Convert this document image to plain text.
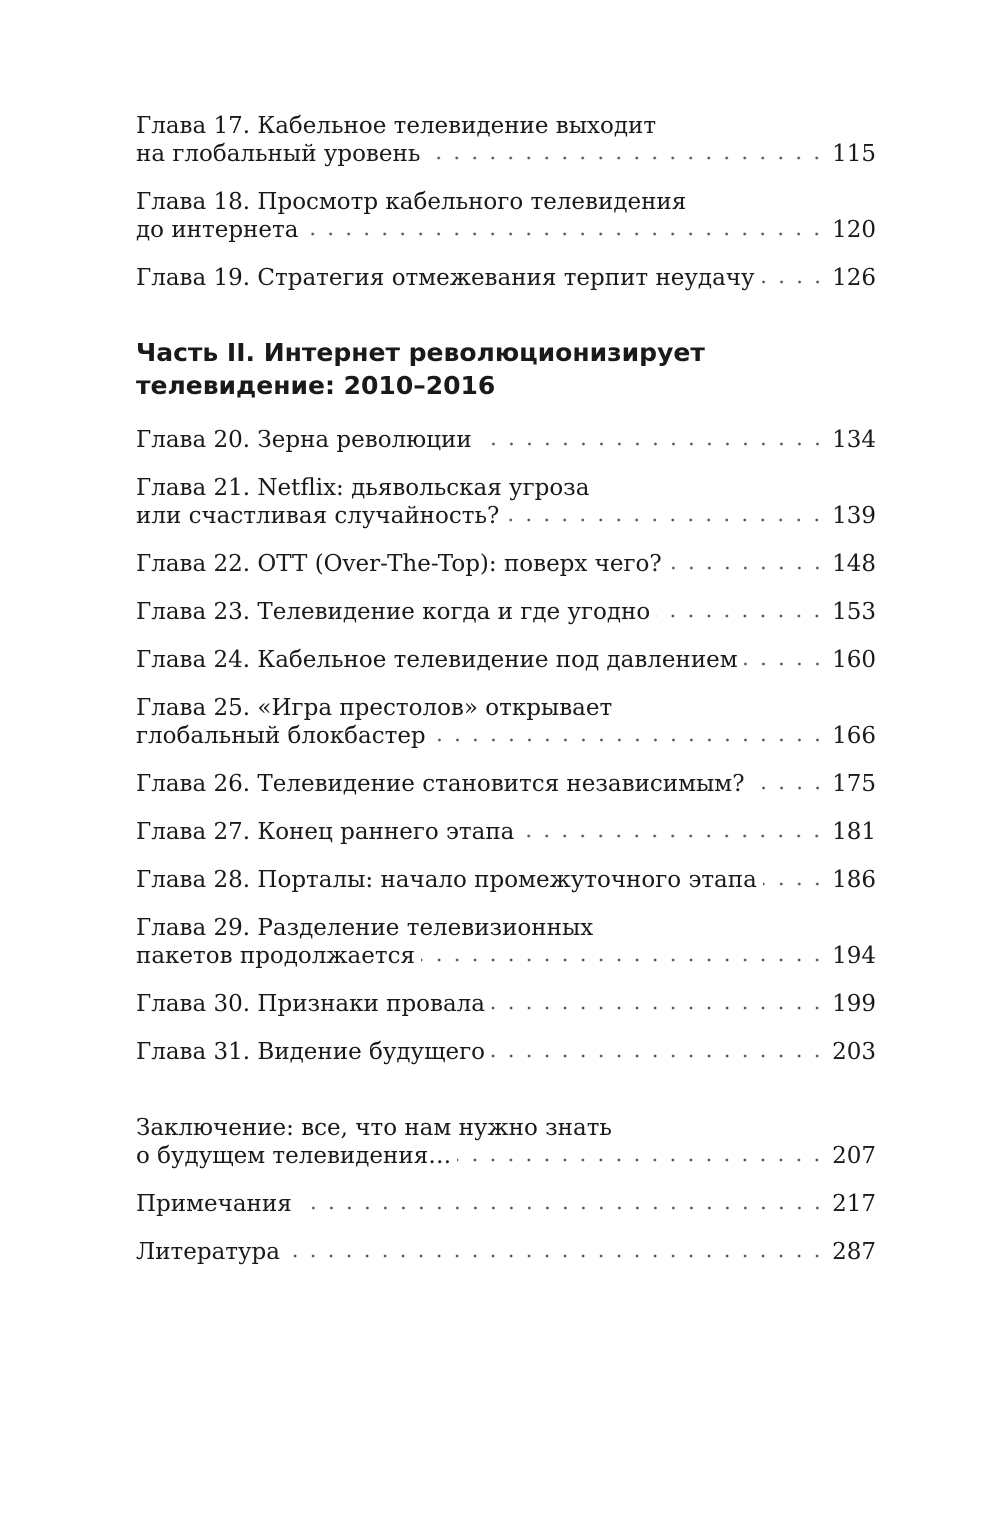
Глава 17. Кабельное телевидение выходит
на глобальный уровень	115
Глава 18. Просмотр кабельного телевидения
до интернета	120
Глава 19. Стратегия отмежевания терпит неудачу	126
Часть II. Интернет революционизирует
телевидение: 2010–2016
Глава 20. Зерна революции	134
Глава 21. Netflix: дьявольская угроза
или счастливая случайность?	139
Глава 22. OTT (Over-The-Top): поверх чего?	148
Глава 23. Телевидение когда и где угодно	153
Глава 24. Кабельное телевидение под давлением	160
Глава 25. «Игра престолов» открывает
глобальный блокбастер	166
Глава 26. Телевидение становится независимым?	175
Глава 27. Конец раннего этапа	181
Глава 28. Порталы: начало промежуточного этапа	186
Глава 29. Разделение телевизионных
пакетов продолжается	194
Глава 30. Признаки провала	199
Глава 31. Видение будущего	203
Заключение: все, что нам нужно знать
о будущем телевидения…	207
Примечания	217
Литература	287
